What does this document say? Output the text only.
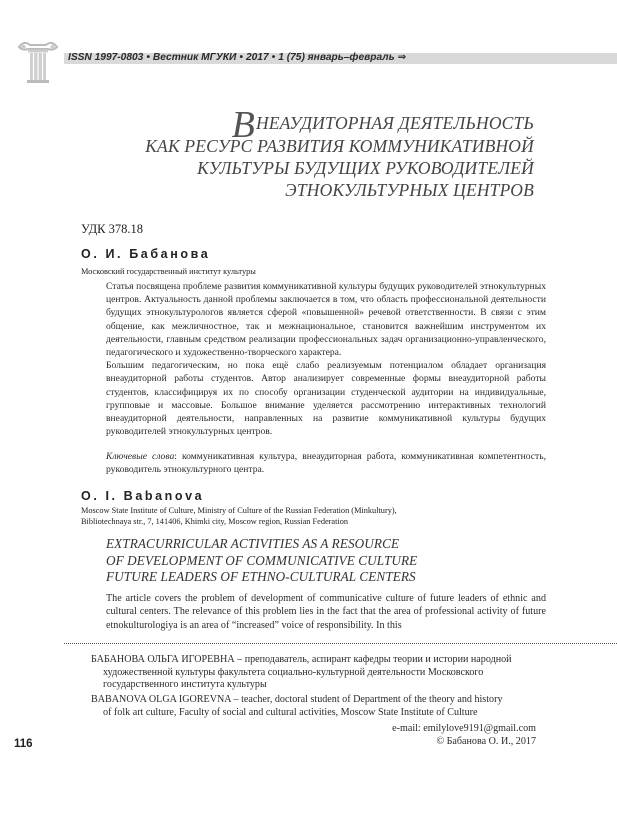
ISSN 1997-0803 • Вестник МГУКИ • 2017 • 1 (75) январь–февраль ⇒
ВНЕАУДИТОРНАЯ ДЕЯТЕЛЬНОСТЬ
КАК РЕСУРС РАЗВИТИЯ КОММУНИКАТИВНОЙ
КУЛЬТУРЫ БУДУЩИХ РУКОВОДИТЕЛЕЙ
ЭТНОКУЛЬТУРНЫХ ЦЕНТРОВ
УДК 378.18
О. И. Бабанова
Московский государственный институт культуры

Статья посвящена проблеме развития коммуникативной культуры будущих руководителей этнокультурных центров. Актуальность данной проблемы заключается в том, что область профессиональной деятельности будущих этнокультурологов является сферой «повышенной» речевой ответственности. В связи с этим общение, как межличностное, так и межнациональное, становится важнейшим инструментом их деятельности, главным средством реализации профессиональных задач организационно-управленческого, педагогического и художественно-творческого характера.

Большим педагогическим, но пока ещё слабо реализуемым потенциалом обладает организация внеаудиторной работы студентов. Автор анализирует современные формы внеаудиторной работы студентов, классифицируя их по способу организации студенческой аудитории на индивидуальные, групповые и массовые. Большое внимание уделяется рассмотрению интерактивных технологий внеаудиторной деятельности, направленных на развитие коммуникативной культуры будущих руководителей этнокультурных центров.

Ключевые слова: коммуникативная культура, внеаудиторная работа, коммуникативная компетентность, руководитель этнокультурного центра.
O. I. Babanova
Moscow State Institute of Culture, Ministry of Culture of the Russian Federation (Minkultury),
Bibliotechnaya str., 7, 141406, Khimki city, Moscow region, Russian Federation
EXTRACURRICULAR ACTIVITIES AS A RESOURCE
OF DEVELOPMENT OF COMMUNICATIVE CULTURE
FUTURE LEADERS OF ETHNO-CULTURAL CENTERS
The article covers the problem of development of communicative culture of future leaders of ethnic and cultural centers. The relevance of this problem lies in the fact that the area of professional activity of future etnokulturologiya is an area of “increased” voice of responsibility. In this
БАБАНОВА ОЛЬГА ИГОРЕВНА – преподаватель, аспирант кафедры теории и истории народной
художественной культуры факультета социально-культурной деятельности Московского
государственного института культуры
BABANOVA OLGA IGOREVNA – teacher, doctoral student of Department of the theory and history
of folk art culture, Faculty of social and cultural activities, Moscow State Institute of Culture
e-mail: emilylove9191@gmail.com
© Бабанова О. И., 2017
116
